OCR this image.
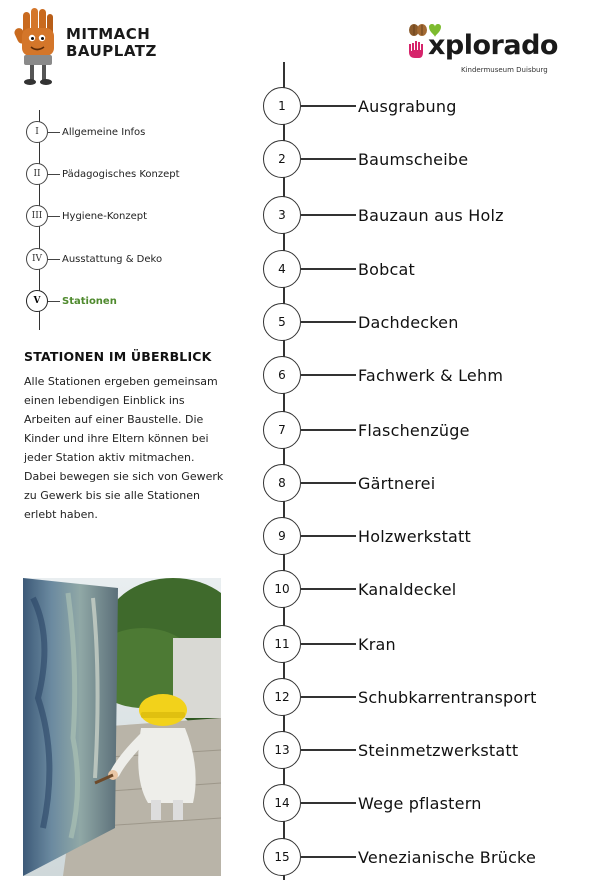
MITMACH
BAUPLATZ	xplorado
Kindermuseum Duisburg
I	Allgemeine Infos
II	Pädagogisches Konzept
III	Hygiene-Konzept
IV	Ausstattung & Deko
V	Stationen
STATIONEN IM ÜBERBLICK
Alle Stationen ergeben gemeinsam einen lebendigen Einblick ins Arbeiten auf einer Baustelle. Die Kinder und ihre Eltern können bei jeder Station aktiv mitmachen. Dabei bewegen sie sich von Gewerk zu Gewerk bis sie alle Stationen erlebt haben.
1	Ausgrabung
2	Baumscheibe
3	Bauzaun aus Holz
4	Bobcat
5	Dachdecken
6	Fachwerk & Lehm
7	Flaschenzüge
8	Gärtnerei
9	Holzwerkstatt
10	Kanaldeckel
11	Kran
12	Schubkarrentransport
13	Steinmetzwerkstatt
14	Wege pflastern
15	Venezianische Brücke
